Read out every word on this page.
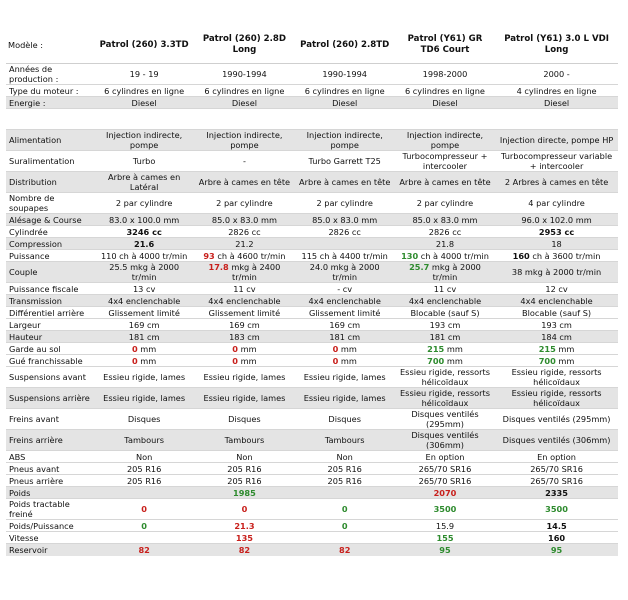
Modèle :	Patrol (260) 3.3TD	Patrol (260) 2.8D Long	Patrol (260) 2.8TD	Patrol (Y61) GR TD6 Court	Patrol (Y61) 3.0 L VDI Long
Années de production :	19 - 19	1990-1994	1990-1994	1998-2000	2000 -
Type du moteur :	6 cylindres en ligne	6 cylindres en ligne	6 cylindres en ligne	6 cylindres en ligne	4 cylindres en ligne
Energie :	Diesel	Diesel	Diesel	Diesel	Diesel

Alimentation	Injection indirecte, pompe	Injection indirecte, pompe	Injection indirecte, pompe	Injection indirecte, pompe	Injection directe, pompe HP
Suralimentation	Turbo	-	Turbo Garrett T25	Turbocompresseur + intercooler	Turbocompresseur variable + intercooler
Distribution	Arbre à cames en Latéral	Arbre à cames en tête	Arbre à cames en tête	Arbre à cames en tête	2 Arbres à cames en tête
Nombre de soupapes	2 par cylindre	2 par cylindre	2 par cylindre	2 par cylindre	4 par cylindre
Alésage & Course	83.0 x 100.0 mm	85.0 x 83.0 mm	85.0 x 83.0 mm	85.0 x 83.0 mm	96.0 x 102.0 mm
Cylindrée	3246 cc	2826 cc	2826 cc	2826 cc	2953 cc
Compression	21.6	21.2		21.8	18
Puissance	110 ch à 4000 tr/min	93 ch à 4600 tr/min	115 ch à 4400 tr/min	130 ch à 4000 tr/min	160 ch à 3600 tr/min
Couple	25.5 mkg à 2000 tr/min	17.8 mkg à 2400 tr/min	24.0 mkg à 2000 tr/min	25.7 mkg à 2000 tr/min	38 mkg à 2000 tr/min
Puissance fiscale	13 cv	11 cv	- cv	11 cv	12 cv
Transmission	4x4 enclenchable	4x4 enclenchable	4x4 enclenchable	4x4 enclenchable	4x4 enclenchable
Différentiel arrière	Glissement limité	Glissement limité	Glissement limité	Blocable (sauf S)	Blocable (sauf S)
Largeur	169 cm	169 cm	169 cm	193 cm	193 cm
Hauteur	181 cm	183 cm	181 cm	181 cm	184 cm
Garde au sol	0 mm	0 mm	0 mm	215 mm	215 mm
Gué franchissable	0 mm	0 mm	0 mm	700 mm	700 mm
Suspensions avant	Essieu rigide, lames	Essieu rigide, lames	Essieu rigide, lames	Essieu rigide, ressorts hélicoïdaux	Essieu rigide, ressorts hélicoïdaux
Suspensions arrière	Essieu rigide, lames	Essieu rigide, lames	Essieu rigide, lames	Essieu rigide, ressorts hélicoïdaux	Essieu rigide, ressorts hélicoïdaux
Freins avant	Disques	Disques	Disques	Disques ventilés (295mm)	Disques ventilés (295mm)
Freins arrière	Tambours	Tambours	Tambours	Disques ventilés (306mm)	Disques ventilés (306mm)
ABS	Non	Non	Non	En option	En option
Pneus avant	205 R16	205 R16	205 R16	265/70 SR16	265/70 SR16
Pneus arrière	205 R16	205 R16	205 R16	265/70 SR16	265/70 SR16
Poids		1985		2070	2335
Poids tractable freiné	0	0	0	3500	3500
Poids/Puissance	0	21.3	0	15.9	14.5
Vitesse		135		155	160
Reservoir	82	82	82	95	95
